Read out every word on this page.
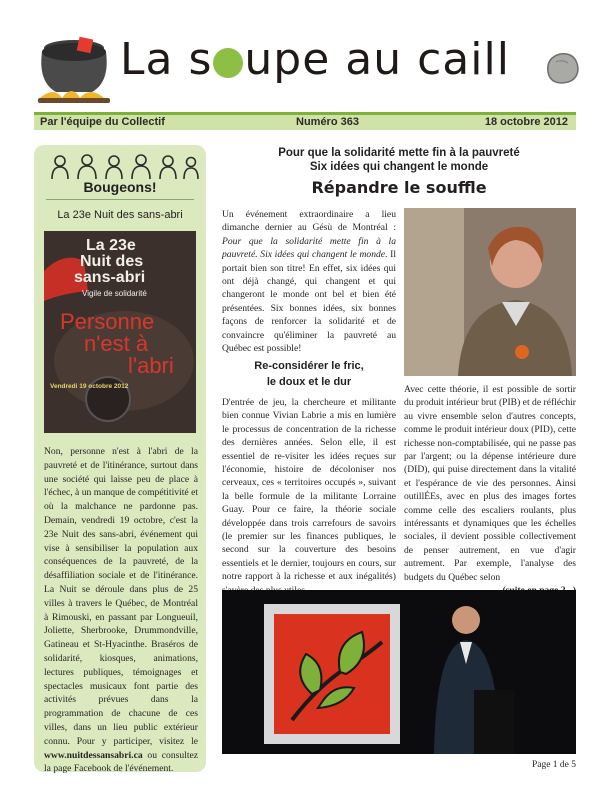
La s upe au caill
Par l'équipe du Collectif	Numéro 363	18 octobre 2012
Bougeons!
La 23e Nuit des sans-abri
La 23e
Nuit des
sans-abri
Vigile de solidarité
Personne
n'est à
l'abri
Vendredi 19 octobre 2012
Non, personne n'est à l'abri de la pauvreté et de l'itinérance, surtout dans une société qui laisse peu de place à l'échec, à un manque de compétitivité et où la malchance ne pardonne pas. Demain, vendredi 19 octobre, c'est la 23e Nuit des sans-abri, événement qui vise à sensibiliser la population aux conséquences de la pauvreté, de la désaffiliation sociale et de l'itinérance. La Nuit se déroule dans plus de 25 villes à travers le Québec, de Montréal à Rimouski, en passant par Longueuil, Joliette, Sherbrooke, Drummondville, Gatineau et St-Hyacinthe. Braséros de solidarité, kiosques, animations, lectures publiques, témoignages et spectacles musicaux font partie des activités prévues dans la programmation de chacune de ces villes, dans un lieu public extérieur connu. Pour y participer, visitez le www.nuitdessansabri.ca ou consultez la page Facebook de l'événement.
Pour que la solidarité mette fin à la pauvreté
Six idées qui changent le monde
Répandre le souffle
Un événement extraordinaire a lieu dimanche dernier au Gésù de Montréal : Pour que la solidarité mette fin à la pauvreté. Six idées qui changent le monde. Il portait bien son titre! En effet, six idées qui ont déjà changé, qui changent et qui changeront le monde ont bel et bien été présentées. Six bonnes idées, six bonnes façons de renforcer la solidarité et de convaincre qu'éliminer la pauvreté au Québec est possible!
Re-considérer le fric,
le doux et le dur
D'entrée de jeu, la chercheure et militante bien connue Vivian Labrie a mis en lumière le processus de concentration de la richesse des dernières années. Selon elle, il est essentiel de re-visiter les idées reçues sur l'économie, histoire de décoloniser nos cerveaux, ces « territoires occupés », suivant la belle formule de la militante Lorraine Guay. Pour ce faire, la théorie sociale développée dans trois carrefours de savoirs (le premier sur les finances publiques, le second sur la couverture des besoins essentiels et le dernier, toujours en cours, sur notre rapport à la richesse et aux inégalités)
Avec cette théorie, il est possible de sortir du produit intérieur brut (PIB) et de réfléchir au vivre ensemble selon d'autres concepts, comme le produit intérieur doux (PID), cette richesse non-comptabilisée, qui ne passe pas par l'argent; ou la dépense intérieure dure (DID), qui puise directement dans la vitalité et l'espérance de vie des personnes. Ainsi outillÉEs, avec en plus des images fortes comme celle des escaliers roulants, plus intéressants et dynamiques que les échelles sociales, il devient possible collectivement de penser autrement, en vue d'agir autrement. Par exemple, l'analyse des budgets du Québec selon
Page 1 de 5
